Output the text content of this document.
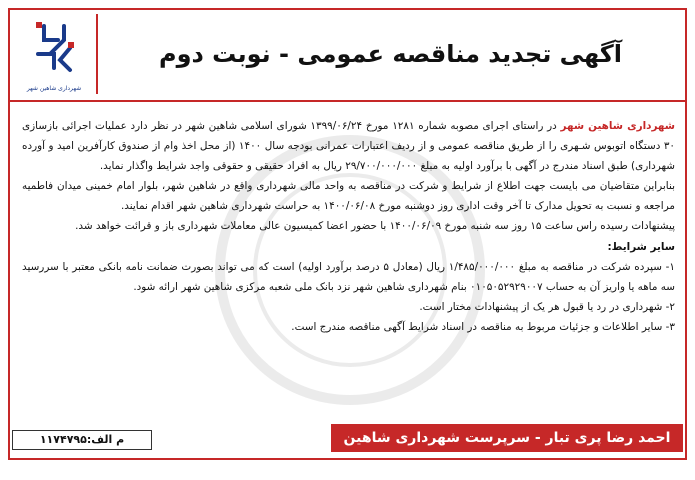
شهرداری شاهین شهر
آگهی تجدید مناقصه عمومی - نوبت دوم

شهرداری شاهین شهر در راستای اجرای مصوبه شماره ۱۲۸۱ مورخ ۱۳۹۹/۰۶/۲۴ شورای اسلامی شاهین شهر در نظر دارد عملیات اجرائی بازسازی ۳۰ دستگاه اتوبوس شـهری را از طریق مناقصه عمومی و از ردیف اعتبارات عمرانی بودجه سال ۱۴۰۰ (از محل اخذ وام از صندوق کارآفرین امید و آورده شهرداری) طبق اسناد مندرج در آگهی با برآورد اولیه به مبلغ ۲۹/۷۰۰/۰۰۰/۰۰۰ ریال به افراد حقیقی و حقوقی واجد شرایط واگذار نماید.

بنابراین متقاضیان می بایست جهت اطلاع از شرایط و شرکت در مناقصه به واحد مالی شهرداری واقع در شاهین شهر، بلوار امام خمینی میدان فاطمیه مراجعه و نسبت به تحویل مدارک تا آخر وقت اداری روز دوشنبه مورخ ۱۴۰۰/۰۶/۰۸ به حراست شهرداری شاهین شهر اقدام نمایند.

پیشنهادات رسیده راس ساعت ۱۵ روز سه شنبه مورخ ۱۴۰۰/۰۶/۰۹ با حضور اعضا کمیسیون عالی معاملات شهرداری باز و قرائت خواهد شد.

سایر شرایط:

۱- سپرده شرکت در مناقصه به مبلغ ۱/۴۸۵/۰۰۰/۰۰۰ ریال (معادل ۵ درصد برآورد اولیه) است که می تواند بصورت ضمانت نامه بانکی معتبر با سررسید سه ماهه یا واریز آن به حساب ۰۱۰۵۰۵۲۹۲۹۰۰۷ بنام شهرداری شاهین شهر نزد بانک ملی شعبه مرکزی شاهین شهر ارائه شود.

۲- شهرداری در رد یا قبول هر یک از پیشنهادات مختار است.

۳- سایر اطلاعات و جزئیات مربوط به مناقصه در اسناد شرایط آگهی مناقصه مندرج است.

احمد رضا پری تبار - سرپرست شهرداری شاهین شهر
م الف:۱۱۷۴۷۹۵
